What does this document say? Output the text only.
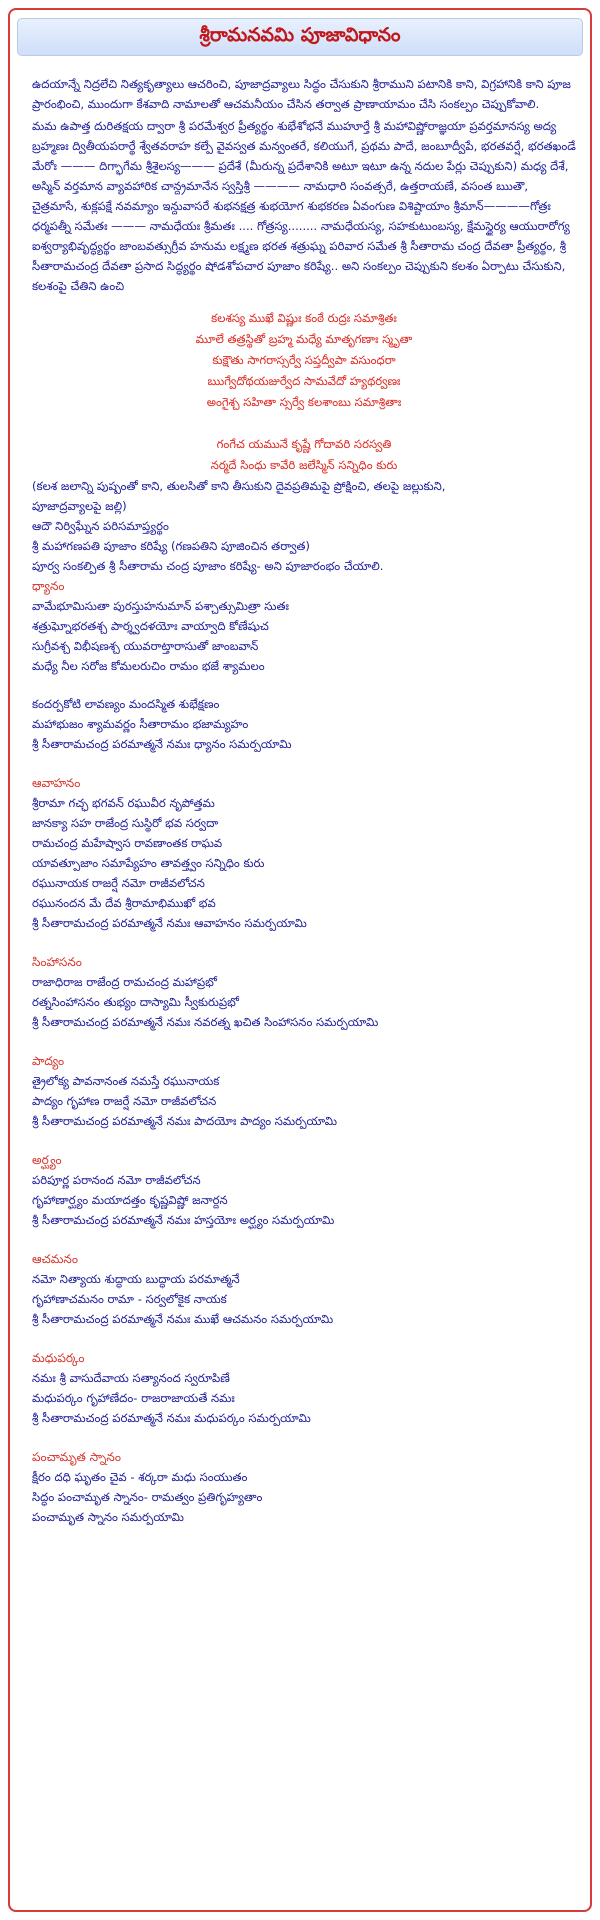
శ్రీరామనవమి పూజావిధానం

ఉదయాన్నే నిద్రలేచి నిత్యకృత్యాలు ఆచరించి, పూజాద్రవ్యాలు సిద్ధం చేసుకుని శ్రీరాముని పటానికి కాని, విగ్రహానికి కాని పూజ ప్రారంభించి, ముందుగా కేశవాది నామాలతో ఆచమనీయం చేసిన తర్వాత ప్రాణాయామం చేసి సంకల్పం చెప్పుకోవాలి.

మమ ఉపాత్త దురితక్షయ ద్వారా శ్రీ పరమేశ్వర ప్రీత్యర్థం శుభేశోభనే ముహూర్తే శ్రీ మహావిష్ణోరాజ్ఞయా ప్రవర్తమానస్య అద్య బ్రహ్మణః ద్వితీయపరార్థే శ్వేతవరాహ కల్పే వైవస్వత మన్వంతరే, కలియుగే, ప్రథమ పాదే, జంబూద్వీపే, భరతవర్షే, భరతఖండే మేరోః ——— దిగ్భాగేమ శ్రీశైలస్య——— ప్రదేశే (మీరున్న ప్రదేశానికి అటూ ఇటూ ఉన్న నదుల పేర్లు చెప్పుకుని) మధ్య దేశే, అస్మిన్ వర్తమాన వ్యావహారిక చాన్ద్రమానేన స్వస్తిశ్రీ ———— నామధారి సంవత్సరే, ఉత్తరాయణే, వసంత ఋతౌ, చైత్రమాసే, శుక్లపక్షే నవమ్యాం ఇన్దువాసరే శుభనక్షత్ర శుభయోగ శుభకరణ ఏవంగుణ విశిష్టాయాం శ్రీమాన్————గోత్రః ధర్మపత్నీ సమేతః ——— నామధేయః శ్రీమతః .... గోత్రస్య........ నామధేయస్య, సహకుటుంబస్య, క్షేమస్థైర్య ఆయురారోగ్య ఐశ్వర్యాభివృద్ధ్యర్థం జాంబవత్సుగ్రీవ హనుమ లక్ష్మణ భరత శత్రుఘ్న పరివార సమేత శ్రీ సీతారామ చంద్ర దేవతా ప్రీత్యర్థం, శ్రీ సీతారామచంద్ర దేవతా ప్రసాద సిద్ధ్యర్థం షోడశోపచార పూజాం కరిష్యే.. అని సంకల్పం చెప్పుకుని కలశం ఏర్పాటు చేసుకుని, కలశంపై చేతిని ఉంచి

కలశస్య ముఖే విష్ణుః కంఠే రుద్రః సమాశ్రితః
మూలే తత్రస్థితో బ్రహ్మ మధ్యే మాతృగణాః స్మృతా
కుక్షౌతు సాగరాస్సర్వే సప్తద్వీపా వసుంధరా
ఋగ్వేదోథయజుర్వేద సామవేదో హ్యథర్వణః
అంగైశ్చ సహితా స్సర్వే కలశాంబు సమాశ్రితాః
గంగేచ యమునే కృష్ణే గోదావరి సరస్వతి
నర్మదే సింధు కావేరి జలేస్మిన్ సన్నిధిం కురు
(కలశ జలాన్ని పుష్పంతో కాని, తులసితో కాని తీసుకుని దైవప్రతిమపై ప్రోక్షించి, తలపై జల్లుకుని,
పూజాద్రవ్యాలపై జల్లి)
ఆదౌ నిర్విఘ్నేన పరిసమాప్త్యర్థం
శ్రీ మహాగణపతి పూజాం కరిష్యే (గణపతిని పూజించిన తర్వాత)
పూర్వ సంకల్పిత శ్రీ సీతారామ చంద్ర పూజాం కరిష్యే- అని పూజారంభం చేయాలి.
ధ్యానం
వామేభూమిసుతా పురస్తుహనుమాన్ పశ్చాత్సుమిత్రా సుతః
శత్రుఘ్నోభరతశ్చ పార్శ్వదళయోః వాయ్వాది కోణేషుచ
సుగ్రీవశ్చ విభీషణశ్చ యువరాట్తారాసుతో జాంబవాన్
మధ్యే నీల సరోజ కోమలరుచిం రామం భజే శ్యామలం
కందర్పకోటి లావణ్యం మందస్మిత శుభేక్షణం
మహాభుజం శ్యామవర్ణం సీతారామం భజామ్యహం
శ్రీ సీతారామచంద్ర పరమాత్మనే నమః ధ్యానం సమర్పయామి
ఆవాహనం
శ్రీరామా గచ్ఛ భగవన్ రఘువీర నృపోత్తమ
జానక్యా సహ రాజేంద్ర సుస్థిరో భవ సర్వదా
రామచంద్ర మహేష్వాస రావణాంతక రాఘవ
యావత్పూజాం సమాప్యేహం తావత్త్వం సన్నిధిం కురు
రఘునాయక రాజర్షే నమో రాజీవలోచన
రఘునందన మే దేవ శ్రీరామాభిముఖో భవ
శ్రీ సీతారామచంద్ర పరమాత్మనే నమః ఆవాహనం సమర్పయామి
సింహాసనం
రాజాధిరాజ రాజేంద్ర రామచంద్ర మహాప్రభో
రత్నసింహాసనం తుభ్యం దాస్యామి స్వీకురుప్రభో
శ్రీ సీతారామచంద్ర పరమాత్మనే నమః నవరత్న ఖచిత సింహాసనం సమర్పయామి
పాద్యం
త్రైలోక్య పావనానంత నమస్తే రఘునాయక
పాద్యం గృహాణ రాజర్షే నమో రాజీవలోచన
శ్రీ సీతారామచంద్ర పరమాత్మనే నమః పాదయోః పాద్యం సమర్పయామి
అర్ఘ్యం
పరిపూర్ణ పరానంద నమో రాజీవలోచన
గృహాణార్ఘ్యం మయాదత్తం కృష్ణవిష్ణో జనార్దన
శ్రీ సీతారామచంద్ర పరమాత్మనే నమః హస్తయోః అర్ఘ్యం సమర్పయామి
ఆచమనం
నమో నిత్యాయ శుద్ధాయ బుద్ధాయ పరమాత్మనే
గృహాణాచమనం రామా - సర్వలోకైక నాయక
శ్రీ సీతారామచంద్ర పరమాత్మనే నమః ముఖే ఆచమనం సమర్పయామి
మధుపర్కం
నమః శ్రీ వాసుదేవాయ సత్యానంద స్వరూపిణే
మధుపర్కం గృహాణేదం- రాజరాజాయతే నమః
శ్రీ సీతారామచంద్ర పరమాత్మనే నమః మధుపర్కం సమర్పయామి
పంచామృత స్నానం
క్షీరం దధి ఘృతం చైవ - శర్కరా మధు సంయుతం
సిద్ధం పంచామృత స్నానం- రామత్వం ప్రతిగృహ్యతాం
పంచామృత స్నానం సమర్పయామి
